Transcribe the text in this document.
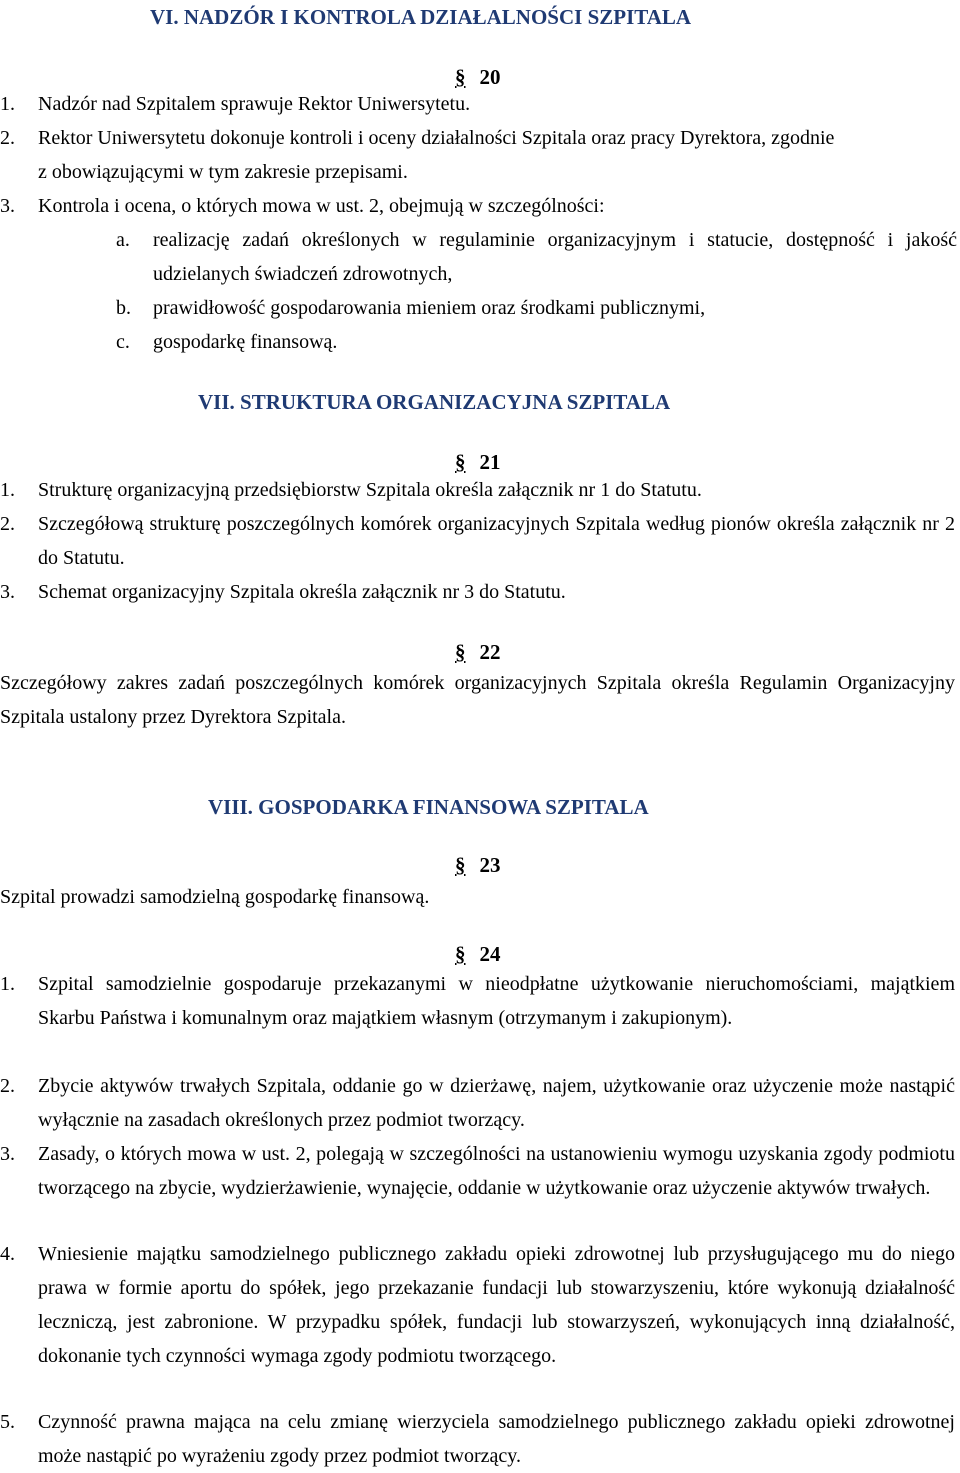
VI. NADZÓR I KONTROLA DZIAŁALNOŚCI SZPITALA
§ 20
1. Nadzór nad Szpitalem sprawuje Rektor Uniwersytetu.
2. Rektor Uniwersytetu dokonuje kontroli i oceny działalności Szpitala oraz pracy Dyrektora, zgodnie z obowiązującymi w tym zakresie przepisami.
3. Kontrola i ocena, o których mowa w ust. 2, obejmują w szczególności:
a. realizację zadań określonych w regulaminie organizacyjnym i statucie, dostępność i jakość udzielanych świadczeń zdrowotnych,
b. prawidłowość gospodarowania mieniem oraz środkami publicznymi,
c. gospodarkę finansową.
VII. STRUKTURA ORGANIZACYJNA SZPITALA
§ 21
1. Strukturę organizacyjną przedsiębiorstw Szpitala określa załącznik nr 1 do Statutu.
2. Szczegółową strukturę poszczególnych komórek organizacyjnych Szpitala według pionów określa załącznik nr 2 do Statutu.
3. Schemat organizacyjny Szpitala określa załącznik nr 3 do Statutu.
§ 22
Szczegółowy zakres zadań poszczególnych komórek organizacyjnych Szpitala określa Regulamin Organizacyjny Szpitala ustalony przez Dyrektora Szpitala.
VIII. GOSPODARKA FINANSOWA SZPITALA
§ 23
Szpital prowadzi samodzielną gospodarkę finansową.
§ 24
1. Szpital samodzielnie gospodaruje przekazanymi w nieodpłatne użytkowanie nieruchomościami, majątkiem Skarbu Państwa i komunalnym oraz majątkiem własnym (otrzymanym i zakupionym).
2. Zbycie aktywów trwałych Szpitala, oddanie go w dzierżawę, najem, użytkowanie oraz użyczenie może nastąpić wyłącznie na zasadach określonych przez podmiot tworzący.
3. Zasady, o których mowa w ust. 2, polegają w szczególności na ustanowieniu wymogu uzyskania zgody podmiotu tworzącego na zbycie, wydzierżawienie, wynajęcie, oddanie w użytkowanie oraz użyczenie aktywów trwałych.
4. Wniesienie majątku samodzielnego publicznego zakładu opieki zdrowotnej lub przysługującego mu do niego prawa w formie aportu do spółek, jego przekazanie fundacji lub stowarzyszeniu, które wykonują działalność leczniczą, jest zabronione. W przypadku spółek, fundacji lub stowarzyszeń, wykonujących inną działalność, dokonanie tych czynności wymaga zgody podmiotu tworzącego.
5. Czynność prawna mająca na celu zmianę wierzyciela samodzielnego publicznego zakładu opieki zdrowotnej może nastąpić po wyrażeniu zgody przez podmiot tworzący.
